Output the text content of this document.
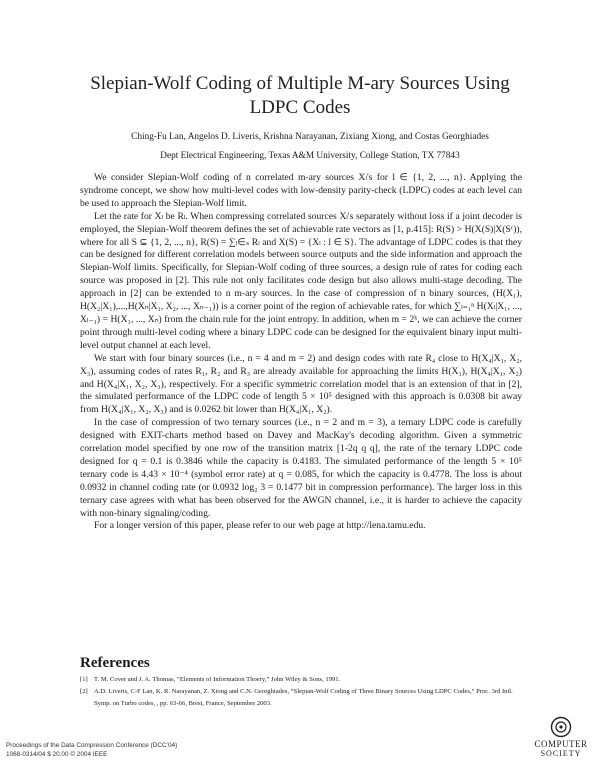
Slepian-Wolf Coding of Multiple M-ary Sources Using
LDPC Codes
Ching-Fu Lan, Angelos D. Liveris, Krishna Narayanan, Zixiang Xiong, and Costas Georghiades
Dept Electrical Engineering, Texas A&M University, College Station, TX 77843

We consider Slepian-Wolf coding of n correlated m-ary sources Xₗ's for l ∈ {1, 2, ..., n}. Applying the syndrome concept, we show how multi-level codes with low-density parity-check (LDPC) codes at each level can be used to approach the Slepian-Wolf limit.

Let the rate for Xₗ be Rₗ. When compressing correlated sources Xₗ's separately without loss if a joint decoder is employed, the Slepian-Wolf theorem defines the set of achievable rate vectors as [1, p.415]: R(S) > H(X(S)|X(Sᶜ)), where for all S ⊆ {1, 2, ..., n}, R(S) = ∑ₗ∈ₛ Rₗ and X(S) = {Xₗ : l ∈ S}. The advantage of LDPC codes is that they can be designed for different correlation models between source outputs and the side information and approach the Slepian-Wolf limits. Specifically, for Slepian-Wolf coding of three sources, a design rule of rates for coding each source was proposed in [2]. This rule not only facilitates code design but also allows multi-stage decoding. The approach in [2] can be extended to n m-ary sources. In the case of compression of n binary sources, (H(X₁), H(X₂|X₁),...,H(Xₙ|X₁, X₂, ..., Xₙ₋₁)) is a corner point of the region of achievable rates, for which ∑ₗ₌₁ⁿ H(Xₗ|X₁, ..., Xₗ₋₁) = H(X₁, ..., Xₙ) from the chain rule for the joint entropy. In addition, when m = 2ᵏ, we can achieve the corner point through multi-level coding where a binary LDPC code can be designed for the equivalent binary input multi-level output channel at each level.

We start with four binary sources (i.e., n = 4 and m = 2) and design codes with rate R₄ close to H(X₄|X₁, X₂, X₃), assuming codes of rates R₁, R₂ and R₃ are already available for approaching the limits H(X₁), H(X₄|X₁, X₂) and H(X₄|X₁, X₂, X₃), respectively. For a specific symmetric correlation model that is an extension of that in [2], the simulated performance of the LDPC code of length 5 × 10⁵ designed with this approach is 0.0308 bit away from H(X₄|X₁, X₂, X₃) and is 0.0262 bit lower than H(X₄|X₁, X₂).

In the case of compression of two ternary sources (i.e., n = 2 and m = 3), a ternary LDPC code is carefully designed with EXIT-charts method based on Davey and MacKay's decoding algorithm. Given a symmetric correlation model specified by one row of the transition matrix [1-2q q q], the rate of the ternary LDPC code designed for q = 0.1 is 0.3846 while the capacity is 0.4183. The simulated performance of the length 5 × 10⁵ ternary code is 4.43 × 10⁻⁴ (symbol error rate) at q = 0.085, for which the capacity is 0.4778. The loss is about 0.0932 in channel coding rate (or 0.0932 log₂ 3 = 0.1477 bit in compression performance). The larger loss in this ternary case agrees with what has been observed for the AWGN channel, i.e., it is harder to achieve the capacity with non-binary signaling/coding.

For a longer version of this paper, please refer to our web page at http://lena.tamu.edu.

References
[1] T. M. Cover and J. A. Thomas, “Elements of Information Thoery,” John Wiley & Sons, 1991.
[2] A.D. Liveris, C-F Lan, K. R. Narayanan, Z. Xiong and C.N. Georghiades, “Slepian-Wolf Coding of Three Binary Sources Using LDPC Codes,” Proc. 3rd Intl. Symp. on Turbo codes, , pp. 63-66, Brest, France, September 2003.
Proceedings of the Data Compression Conference (DCC’04)
1068-0314/04 $ 20.00 © 2004 IEEE
COMPUTER
SOCIETY
